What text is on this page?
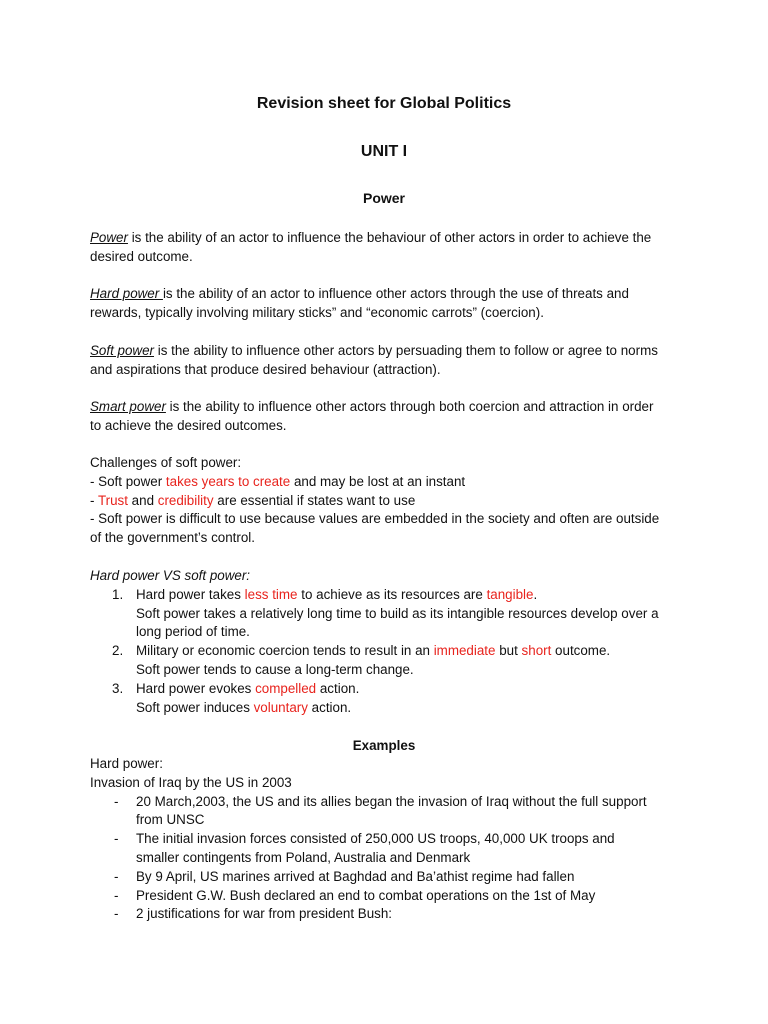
Revision sheet for Global Politics
UNIT I
Power

Power is the ability of an actor to influence the behaviour of other actors in order to achieve the
desired outcome.

Hard power is the ability of an actor to influence other actors through the use of threats and
rewards, typically involving military sticks” and “economic carrots” (coercion).

Soft power is the ability to influence other actors by persuading them to follow or agree to norms
and aspirations that produce desired behaviour (attraction).

Smart power is the ability to influence other actors through both coercion and attraction in order
to achieve the desired outcomes.

Challenges of soft power:
- Soft power takes years to create and may be lost at an instant
- Trust and credibility are essential if states want to use
- Soft power is difficult to use because values are embedded in the society and often are outside
of the government’s control.
Hard power VS soft power:
1. Hard power takes less time to achieve as its resources are tangible.
Soft power takes a relatively long time to build as its intangible resources develop over a
long period of time.
2. Military or economic coercion tends to result in an immediate but short outcome.
Soft power tends to cause a long-term change.
3. Hard power evokes compelled action.
Soft power induces voluntary action.
Examples
Hard power:
Invasion of Iraq by the US in 2003
- 20 March,2003, the US and its allies began the invasion of Iraq without the full support
from UNSC
- The initial invasion forces consisted of 250,000 US troops, 40,000 UK troops and
smaller contingents from Poland, Australia and Denmark
- By 9 April, US marines arrived at Baghdad and Ba’athist regime had fallen
- President G.W. Bush declared an end to combat operations on the 1st of May
- 2 justifications for war from president Bush:
